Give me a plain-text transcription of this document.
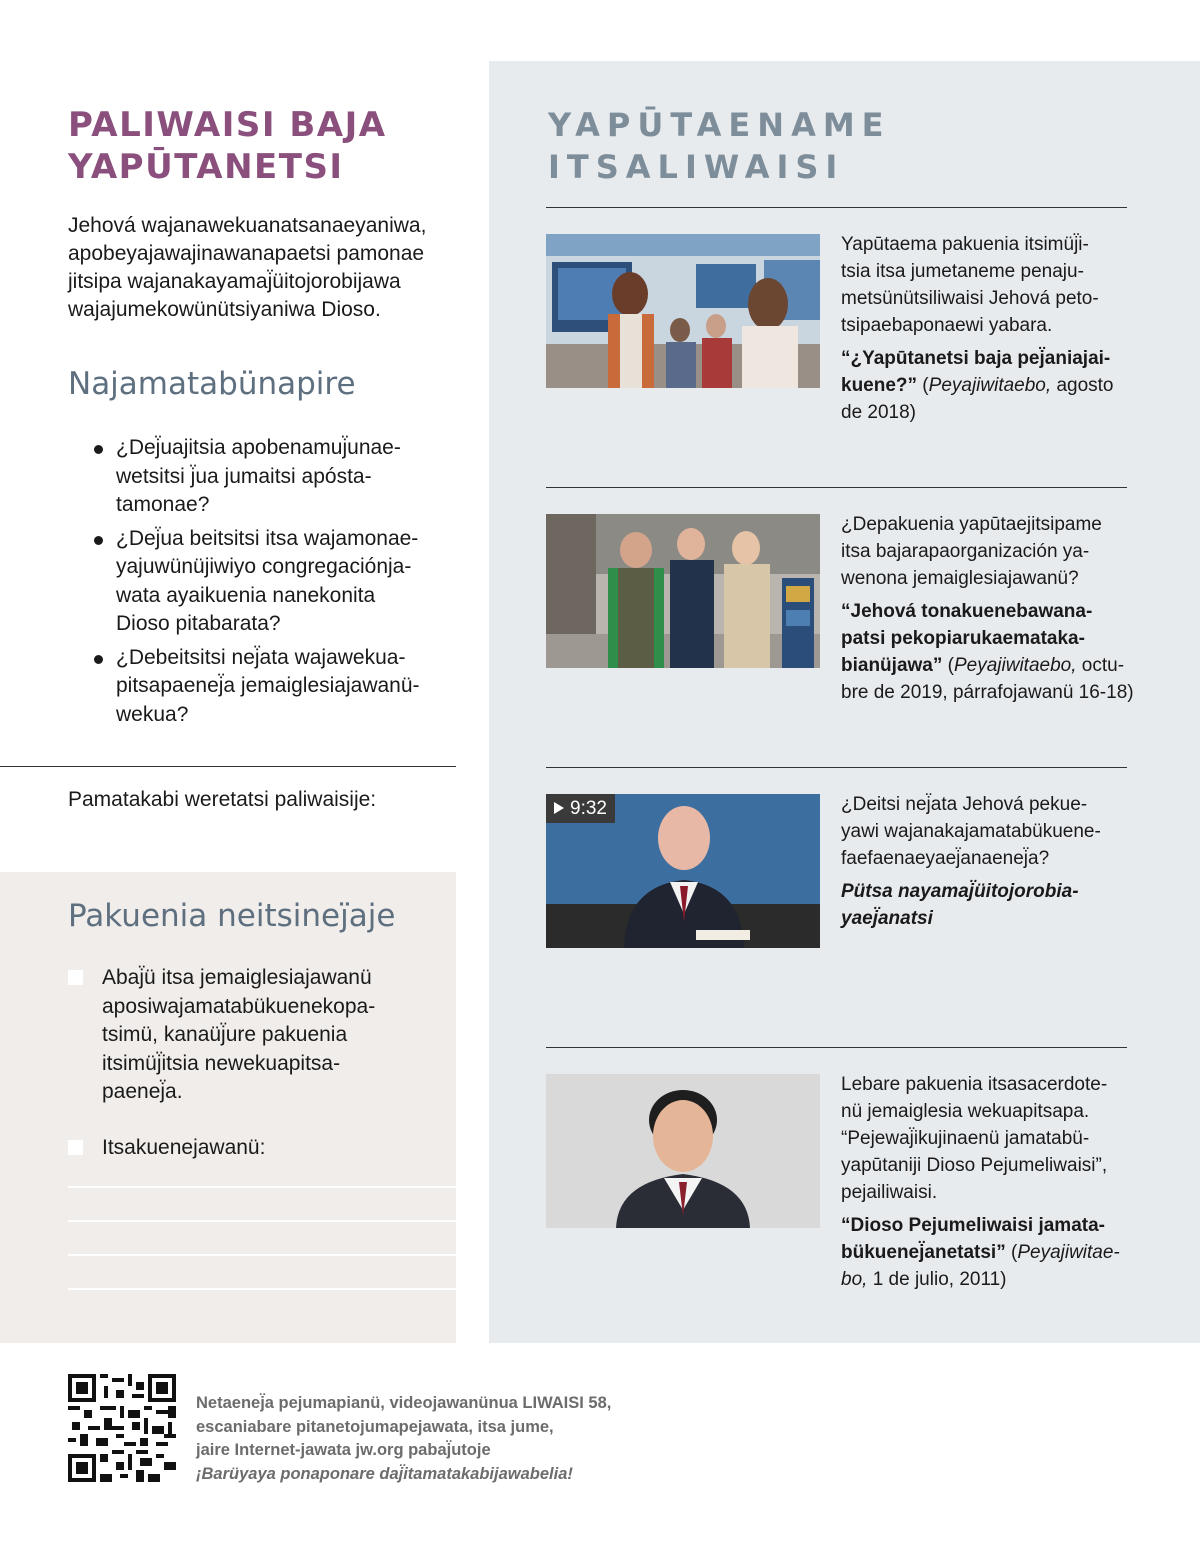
PALIWAISI BAJA
YAPŪTANETSI

Jehová wajanawekuanatsanaeyaniwa,
apobeyajawajinawanapaetsi pamonae
jitsipa wajanakayamaj̈üitojorobijawa
wajajumekowünütsiyaniwa Dioso.

Najamatabünapire
¿Dej̈uajitsia apobenamuj̈unae-
wetsitsi j̈ua jumaitsi apósta-
tamonae?
¿Dej̈ua beitsitsi itsa wajamonae-
yajuwünüjiwiyo congregaciónja-
wata ayaikuenia nanekonita
Dioso pitabarata?
¿Debeitsitsi nej̈ata wajawekua-
pitsapaenej̈a jemaiglesiajawanü-
wekua?
Pamatakabi weretatsi paliwaisije:
Pakuenia neitsinej̈aje
Abaj̈ü itsa jemaiglesiajawanü
aposiwajamatabükuenekopa-
tsimü, kanaüj̈ure pakuenia
itsimüj̈itsia newekuapitsa-
paenej̈a.
Itsakuenejawanü:
YAPŪTAENAME
ITSALIWAISI
Yapūtaema pakuenia itsimüj̈i-
tsia itsa jumetaneme penaju-
metsünütsiliwaisi Jehová peto-
tsipaebaponaewi yabara.
“¿Yapūtanetsi baja pej̈aniajai-
kuene?” (Peyajiwitaebo, agosto
de 2018)
¿Depakuenia yapūtaejitsipame
itsa bajarapaorganización ya-
wenona jemaiglesiajawanü?
“Jehová tonakuenebawana-
patsi pekopiarukaemataka-
bianüjawa” (Peyajiwitaebo, octu-
bre de 2019, párrafojawanü 16-18)
9:32	¿Deitsi nej̈ata Jehová pekue-
yawi wajanakajamatabükuene-
faefaenaeyaej̈anaenej̈a?
Pütsa nayamaj̈üitojorobia-
yaej̈anatsi
Lebare pakuenia itsasacerdote-
nü jemaiglesia wekuapitsapa.
“Pejewaj̈ikujinaenü jamatabü-
yapūtaniji Dioso Pejumeliwaisi”,
pejailiwaisi.
“Dioso Pejumeliwaisi jamata-
bükuenej̈anetatsi” (Peyajiwitae-
bo, 1 de julio, 2011)
Netaenej̈a pejumapianü, videojawanünua LIWAISI 58,
escaniabare pitanetojumapejawata, itsa jume,
jaire Internet-jawata jw.org pabaj̈utoje
¡Barüyaya ponaponare daj̈itamatakabijawabelia!
